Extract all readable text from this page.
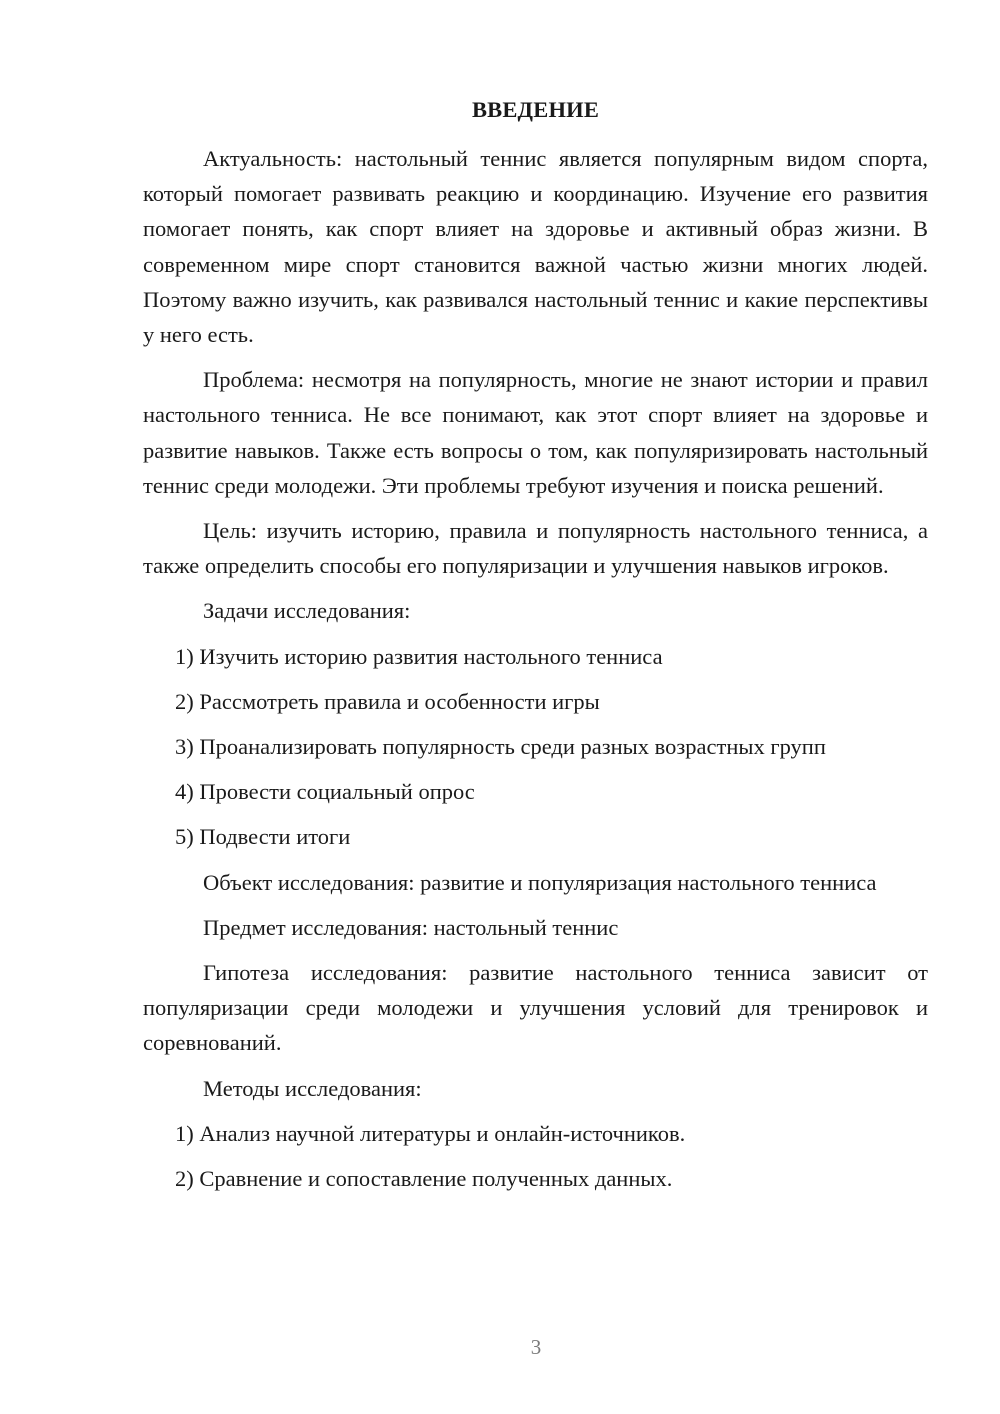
ВВЕДЕНИЕ

Актуальность: настольный теннис является популярным видом спорта, который помогает развивать реакцию и координацию. Изучение его развития помогает понять, как спорт влияет на здоровье и активный образ жизни. В современном мире спорт становится важной частью жизни многих людей. Поэтому важно изучить, как развивался настольный теннис и какие перспективы у него есть.

Проблема: несмотря на популярность, многие не знают истории и правил настольного тенниса. Не все понимают, как этот спорт влияет на здоровье и развитие навыков. Также есть вопросы о том, как популяризировать настольный теннис среди молодежи. Эти проблемы требуют изучения и поиска решений.

Цель: изучить историю, правила и популярность настольного тенниса, а также определить способы его популяризации и улучшения навыков игроков.

Задачи исследования:

1) Изучить историю развития настольного тенниса

2) Рассмотреть правила и особенности игры

3) Проанализировать популярность среди разных возрастных групп

4) Провести социальный опрос

5) Подвести итоги

Объект исследования: развитие и популяризация настольного тенниса

Предмет исследования: настольный теннис

Гипотеза исследования: развитие настольного тенниса зависит от популяризации среди молодежи и улучшения условий для тренировок и соревнований.

Методы исследования:

1) Анализ научной литературы и онлайн-источников.

2) Сравнение и сопоставление полученных данных.

3
